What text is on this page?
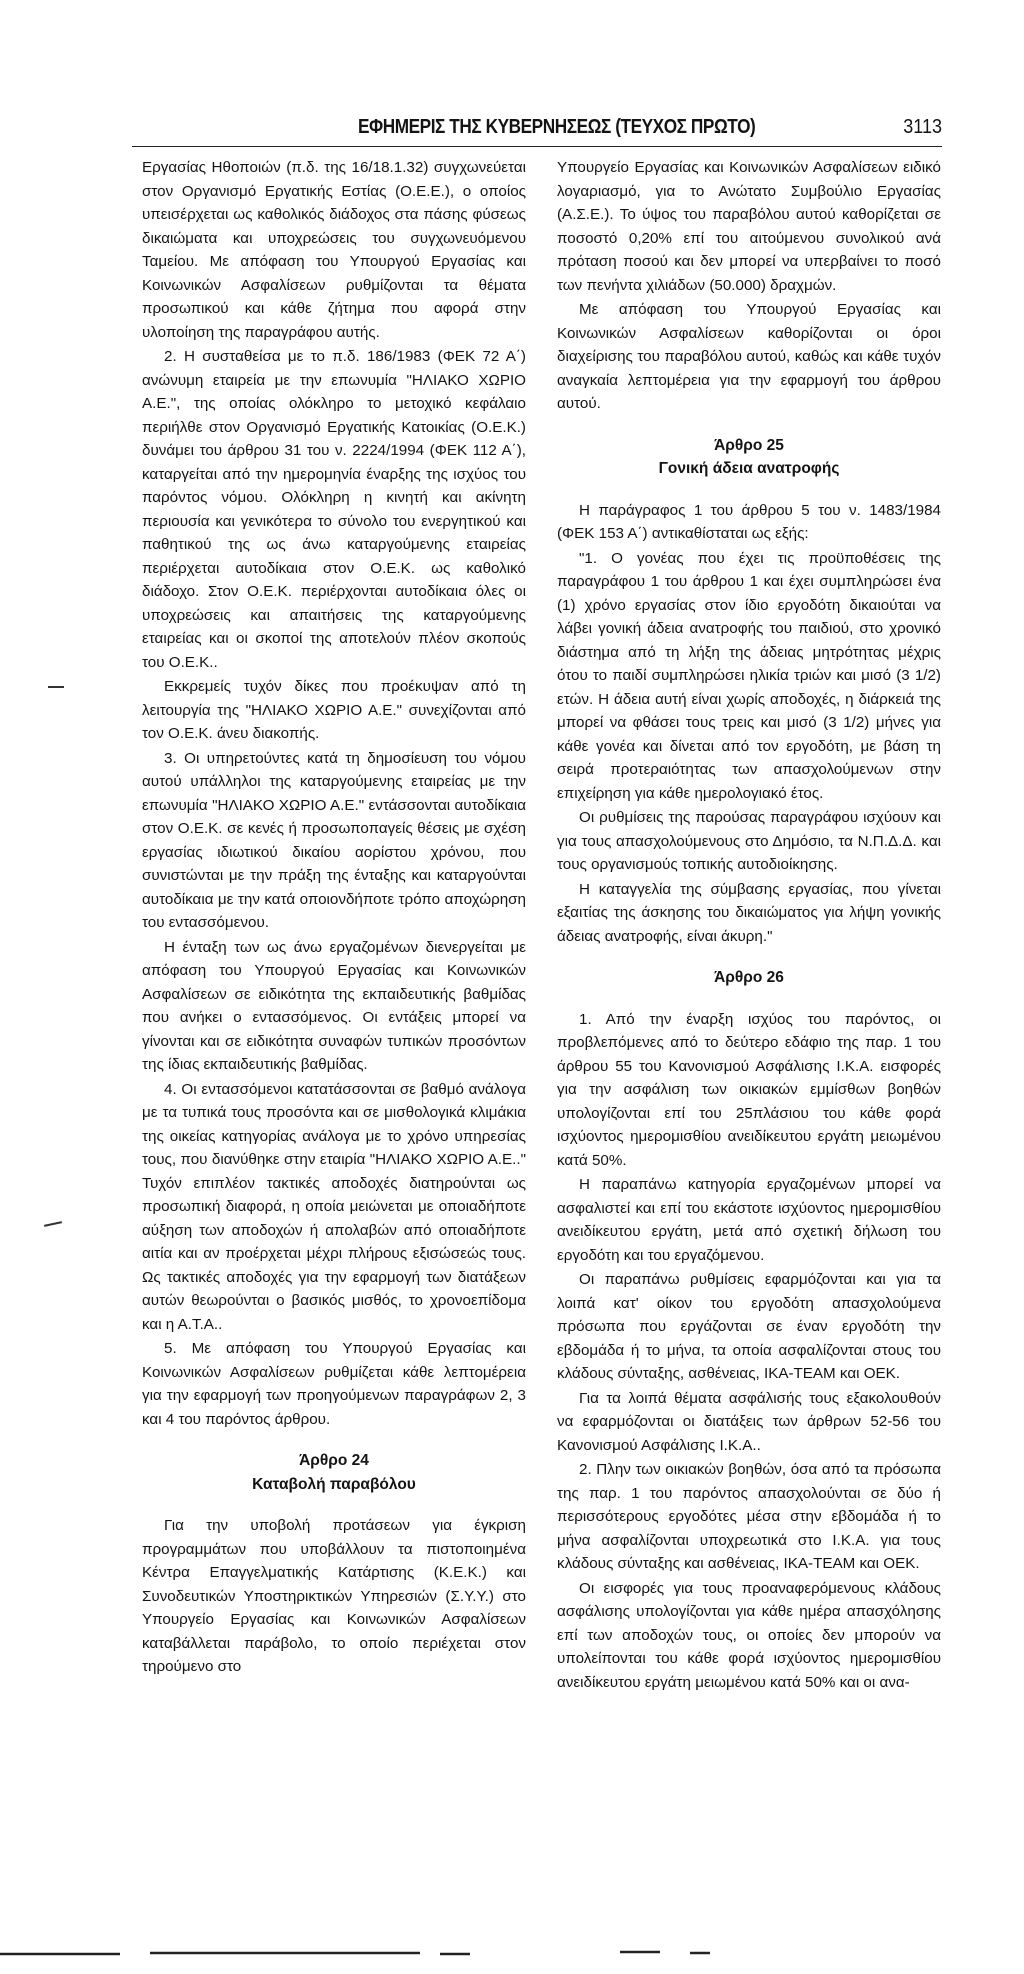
ΕΦΗΜΕΡΙΣ ΤΗΣ ΚΥΒΕΡΝΗΣΕΩΣ (ΤΕΥΧΟΣ ΠΡΩΤΟ)	3113

Εργασίας Ηθοποιών (π.δ. της 16/18.1.32) συγχωνεύεται στον Οργανισμό Εργατικής Εστίας (Ο.Ε.Ε.), ο οποίος υπεισέρχεται ως καθολικός διάδοχος στα πάσης φύσεως δικαιώματα και υποχρεώσεις του συγχωνευόμενου Ταμείου. Με απόφαση του Υπουργού Εργασίας και Κοινωνικών Ασφαλίσεων ρυθμίζονται τα θέματα προσωπικού και κάθε ζήτημα που αφορά στην υλοποίηση της παραγράφου αυτής.

2. Η συσταθείσα με το π.δ. 186/1983 (ΦΕΚ 72 Α΄) ανώνυμη εταιρεία με την επωνυμία "ΗΛΙΑΚΟ ΧΩΡΙΟ Α.Ε.", της οποίας ολόκληρο το μετοχικό κεφάλαιο περιήλθε στον Οργανισμό Εργατικής Κατοικίας (Ο.Ε.Κ.) δυνάμει του άρθρου 31 του ν. 2224/1994 (ΦΕΚ 112 Α΄), καταργείται από την ημερομηνία έναρξης της ισχύος του παρόντος νόμου. Ολόκληρη η κινητή και ακίνητη περιουσία και γενικότερα το σύνολο του ενεργητικού και παθητικού της ως άνω καταργούμενης εταιρείας περιέρχεται αυτοδίκαια στον Ο.Ε.Κ. ως καθολικό διάδοχο. Στον Ο.Ε.Κ. περιέρχονται αυτοδίκαια όλες οι υποχρεώσεις και απαιτήσεις της καταργούμενης εταιρείας και οι σκοποί της αποτελούν πλέον σκοπούς του Ο.Ε.Κ..

Εκκρεμείς τυχόν δίκες που προέκυψαν από τη λειτουργία της "ΗΛΙΑΚΟ ΧΩΡΙΟ Α.Ε." συνεχίζονται από τον Ο.Ε.Κ. άνευ διακοπής.

3. Οι υπηρετούντες κατά τη δημοσίευση του νόμου αυτού υπάλληλοι της καταργούμενης εταιρείας με την επωνυμία "ΗΛΙΑΚΟ ΧΩΡΙΟ Α.Ε." εντάσσονται αυτοδίκαια στον Ο.Ε.Κ. σε κενές ή προσωποπαγείς θέσεις με σχέση εργασίας ιδιωτικού δικαίου αορίστου χρόνου, που συνιστώνται με την πράξη της ένταξης και καταργούνται αυτοδίκαια με την κατά οποιονδήποτε τρόπο αποχώρηση του εντασσόμενου.

Η ένταξη των ως άνω εργαζομένων διενεργείται με απόφαση του Υπουργού Εργασίας και Κοινωνικών Ασφαλίσεων σε ειδικότητα της εκπαιδευτικής βαθμίδας που ανήκει ο εντασσόμενος. Οι εντάξεις μπορεί να γίνονται και σε ειδικότητα συναφών τυπικών προσόντων της ίδιας εκπαιδευτικής βαθμίδας.

4. Οι εντασσόμενοι κατατάσσονται σε βαθμό ανάλογα με τα τυπικά τους προσόντα και σε μισθολογικά κλιμάκια της οικείας κατηγορίας ανάλογα με το χρόνο υπηρεσίας τους, που διανύθηκε στην εταιρία "ΗΛΙΑΚΟ ΧΩΡΙΟ Α.Ε.." Τυχόν επιπλέον τακτικές αποδοχές διατηρούνται ως προσωπική διαφορά, η οποία μειώνεται με οποιαδήποτε αύξηση των αποδοχών ή απολαβών από οποιαδήποτε αιτία και αν προέρχεται μέχρι πλήρους εξισώσεώς τους. Ως τακτικές αποδοχές για την εφαρμογή των διατάξεων αυτών θεωρούνται ο βασικός μισθός, το χρονοεπίδομα και η Α.Τ.Α..

5. Με απόφαση του Υπουργού Εργασίας και Κοινωνικών Ασφαλίσεων ρυθμίζεται κάθε λεπτομέρεια για την εφαρμογή των προηγούμενων παραγράφων 2, 3 και 4 του παρόντος άρθρου.

Άρθρο 24
Καταβολή παραβόλου

Για την υποβολή προτάσεων για έγκριση προγραμμάτων που υποβάλλουν τα πιστοποιημένα Κέντρα Επαγγελματικής Κατάρτισης (Κ.Ε.Κ.) και Συνοδευτικών Υποστηρικτικών Υπηρεσιών (Σ.Υ.Υ.) στο Υπουργείο Εργασίας και Κοινωνικών Ασφαλίσεων καταβάλλεται παράβολο, το οποίο περιέχεται στον τηρούμενο στο

Υπουργείο Εργασίας και Κοινωνικών Ασφαλίσεων ειδικό λογαριασμό, για το Ανώτατο Συμβούλιο Εργασίας (Α.Σ.Ε.). Το ύψος του παραβόλου αυτού καθορίζεται σε ποσοστό 0,20% επί του αιτούμενου συνολικού ανά πρόταση ποσού και δεν μπορεί να υπερβαίνει το ποσό των πενήντα χιλιάδων (50.000) δραχμών.

Με απόφαση του Υπουργού Εργασίας και Κοινωνικών Ασφαλίσεων καθορίζονται οι όροι διαχείρισης του παραβόλου αυτού, καθώς και κάθε τυχόν αναγκαία λεπτομέρεια για την εφαρμογή του άρθρου αυτού.

Άρθρο 25
Γονική άδεια ανατροφής

Η παράγραφος 1 του άρθρου 5 του ν. 1483/1984 (ΦΕΚ 153 Α΄) αντικαθίσταται ως εξής:

"1. Ο γονέας που έχει τις προϋποθέσεις της παραγράφου 1 του άρθρου 1 και έχει συμπληρώσει ένα (1) χρόνο εργασίας στον ίδιο εργοδότη δικαιούται να λάβει γονική άδεια ανατροφής του παιδιού, στο χρονικό διάστημα από τη λήξη της άδειας μητρότητας μέχρις ότου το παιδί συμπληρώσει ηλικία τριών και μισό (3 1/2) ετών. Η άδεια αυτή είναι χωρίς αποδοχές, η διάρκειά της μπορεί να φθάσει τους τρεις και μισό (3 1/2) μήνες για κάθε γονέα και δίνεται από τον εργοδότη, με βάση τη σειρά προτεραιότητας των απασχολούμενων στην επιχείρηση για κάθε ημερολογιακό έτος.

Οι ρυθμίσεις της παρούσας παραγράφου ισχύουν και για τους απασχολούμενους στο Δημόσιο, τα Ν.Π.Δ.Δ. και τους οργανισμούς τοπικής αυτοδιοίκησης.

Η καταγγελία της σύμβασης εργασίας, που γίνεται εξαιτίας της άσκησης του δικαιώματος για λήψη γονικής άδειας ανατροφής, είναι άκυρη."

Άρθρο 26

1. Από την έναρξη ισχύος του παρόντος, οι προβλεπόμενες από το δεύτερο εδάφιο της παρ. 1 του άρθρου 55 του Κανονισμού Ασφάλισης Ι.Κ.Α. εισφορές για την ασφάλιση των οικιακών εμμίσθων βοηθών υπολογίζονται επί του 25πλάσιου του κάθε φορά ισχύοντος ημερομισθίου ανειδίκευτου εργάτη μειωμένου κατά 50%.

Η παραπάνω κατηγορία εργαζομένων μπορεί να ασφαλιστεί και επί του εκάστοτε ισχύοντος ημερομισθίου ανειδίκευτου εργάτη, μετά από σχετική δήλωση του εργοδότη και του εργαζόμενου.

Οι παραπάνω ρυθμίσεις εφαρμόζονται και για τα λοιπά κατ' οίκον του εργοδότη απασχολούμενα πρόσωπα που εργάζονται σε έναν εργοδότη την εβδομάδα ή το μήνα, τα οποία ασφαλίζονται στους του κλάδους σύνταξης, ασθένειας, ΙΚΑ-ΤΕΑΜ και ΟΕΚ.

Για τα λοιπά θέματα ασφάλισής τους εξακολουθούν να εφαρμόζονται οι διατάξεις των άρθρων 52-56 του Κανονισμού Ασφάλισης Ι.Κ.Α..

2. Πλην των οικιακών βοηθών, όσα από τα πρόσωπα της παρ. 1 του παρόντος απασχολούνται σε δύο ή περισσότερους εργοδότες μέσα στην εβδομάδα ή το μήνα ασφαλίζονται υποχρεωτικά στο Ι.Κ.Α. για τους κλάδους σύνταξης και ασθένειας, ΙΚΑ-ΤΕΑΜ και ΟΕΚ.

Οι εισφορές για τους προαναφερόμενους κλάδους ασφάλισης υπολογίζονται για κάθε ημέρα απασχόλησης επί των αποδοχών τους, οι οποίες δεν μπορούν να υπολείπονται του κάθε φορά ισχύοντος ημερομισθίου ανειδίκευτου εργάτη μειωμένου κατά 50% και οι ανα-
